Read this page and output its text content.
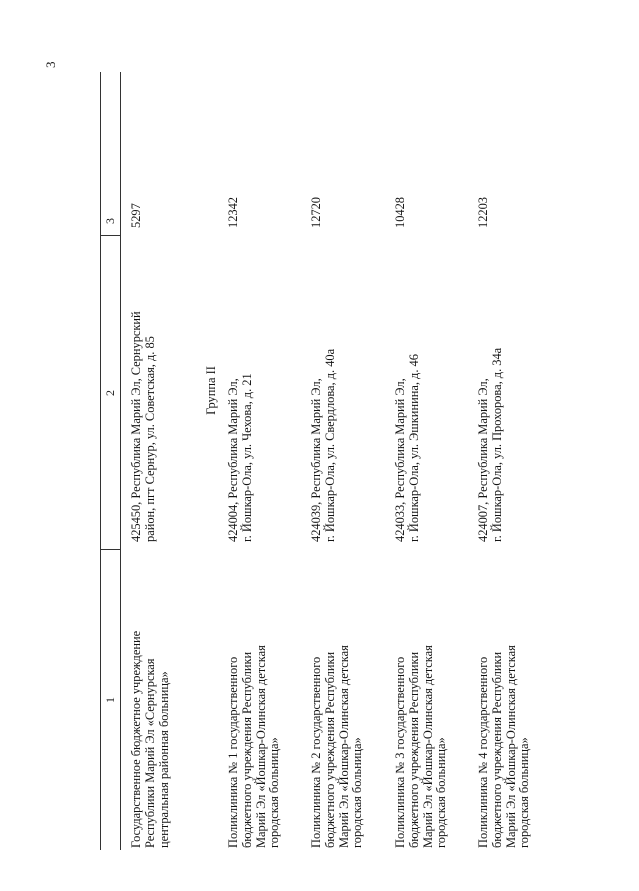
3
1
2
3
Государственное бюджетное учреждение Республики Марий Эл «Сернурская центральная районная больница»
425450, Республика Марий Эл, Сернурский район, пгт Сернур, ул. Советская, д. 85
5297
Группа II
Поликлиника № 1 государственного бюджетного учреждения Республики Марий Эл «Йошкар-Олинская детская городская больница»
424004, Республика Марий Эл, г. Йошкар-Ола, ул. Чехова, д. 21
12342
Поликлиника № 2 государственного бюджетного учреждения Республики Марий Эл «Йошкар-Олинская детская городская больница»
424039, Республика Марий Эл, г. Йошкар-Ола, ул. Свердлова, д. 40а
12720
Поликлиника № 3 государственного бюджетного учреждения Республики Марий Эл «Йошкар-Олинская детская городская больница»
424033, Республика Марий Эл, г. Йошкар-Ола, ул. Эшкинина, д. 46
10428
Поликлиника № 4 государственного бюджетного учреждения Республики Марий Эл «Йошкар-Олинская детская городская больница»
424007, Республика Марий Эл, г. Йошкар-Ола, ул. Прохорова, д. 34а
12203
